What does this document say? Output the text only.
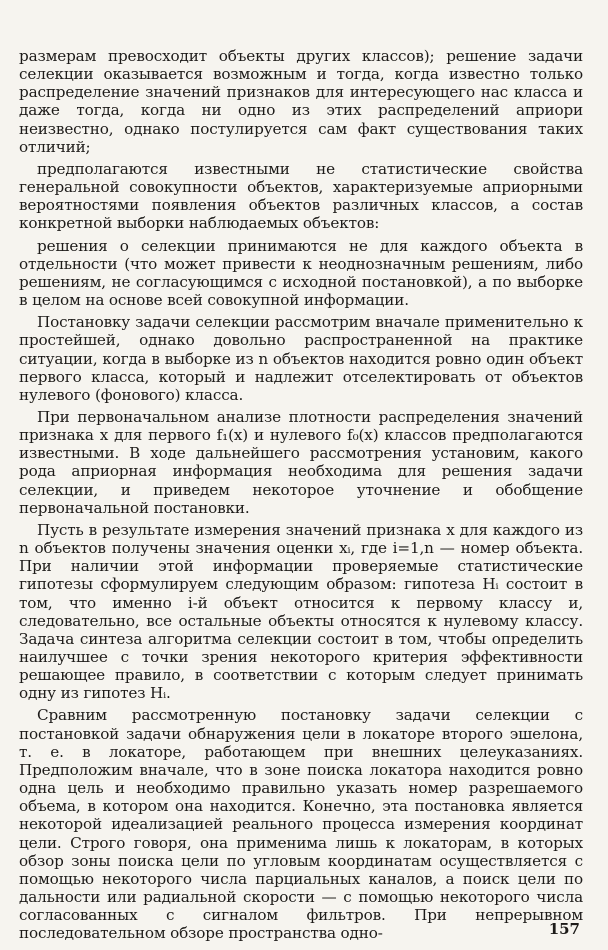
размерам превосходит объекты других классов); решение задачи селекции оказывается возможным и тогда, когда известно только распределение значений признаков для интересующего нас класса и даже тогда, когда ни одно из этих распределений априори неизвестно, однако постулируется сам факт существования таких отличий;

предполагаются известными не статистические свойства генеральной совокупности объектов, характеризуемые априорными вероятностями появления объектов различных классов, а состав конкретной выборки наблюдаемых объектов:

решения о селекции принимаются не для каждого объекта в отдельности (что может привести к неоднозначным решениям, либо решениям, не согласующимся с исходной постановкой), а по выборке в целом на основе всей совокупной информации.

Постановку задачи селекции рассмотрим вначале применительно к простейшей, однако довольно распространенной на практике ситуации, когда в выборке из n объектов находится ровно один объект первого класса, который и надлежит отселектировать от объектов нулевого (фонового) класса.

При первоначальном анализе плотности распределения значений признака x для первого f₁(x) и нулевого f₀(x) классов предполагаются известными. В ходе дальнейшего рассмотрения установим, какого рода априорная информация необходима для решения задачи селекции, и приведем некоторое уточнение и обобщение первоначальной постановки.

Пусть в результате измерения значений признака x для каждого из n объектов получены значения оценки xᵢ, где i=1,n — номер объекта. При наличии этой информации проверяемые статистические гипотезы сформулируем следующим образом: гипотеза Hᵢ состоит в том, что именно i-й объект относится к первому классу и, следовательно, все остальные объекты относятся к нулевому классу. Задача синтеза алгоритма селекции состоит в том, чтобы определить наилучшее с точки зрения некоторого критерия эффективности решающее правило, в соответствии с которым следует принимать одну из гипотез Hᵢ.

Сравним рассмотренную постановку задачи селекции с постановкой задачи обнаружения цели в локаторе второго эшелона, т. е. в локаторе, работающем при внешних целеуказаниях. Предположим вначале, что в зоне поиска локатора находится ровно одна цель и необходимо правильно указать номер разрешаемого объема, в котором она находится. Конечно, эта постановка является некоторой идеализацией реального процесса измерения координат цели. Строго говоря, она применима лишь к локаторам, в которых обзор зоны поиска цели по угловым координатам осуществляется с помощью некоторого числа парциальных каналов, а поиск цели по дальности или радиальной скорости — с помощью некоторого числа согласованных с сигналом фильтров. При непрерывном последовательном обзоре пространства одно-	157
